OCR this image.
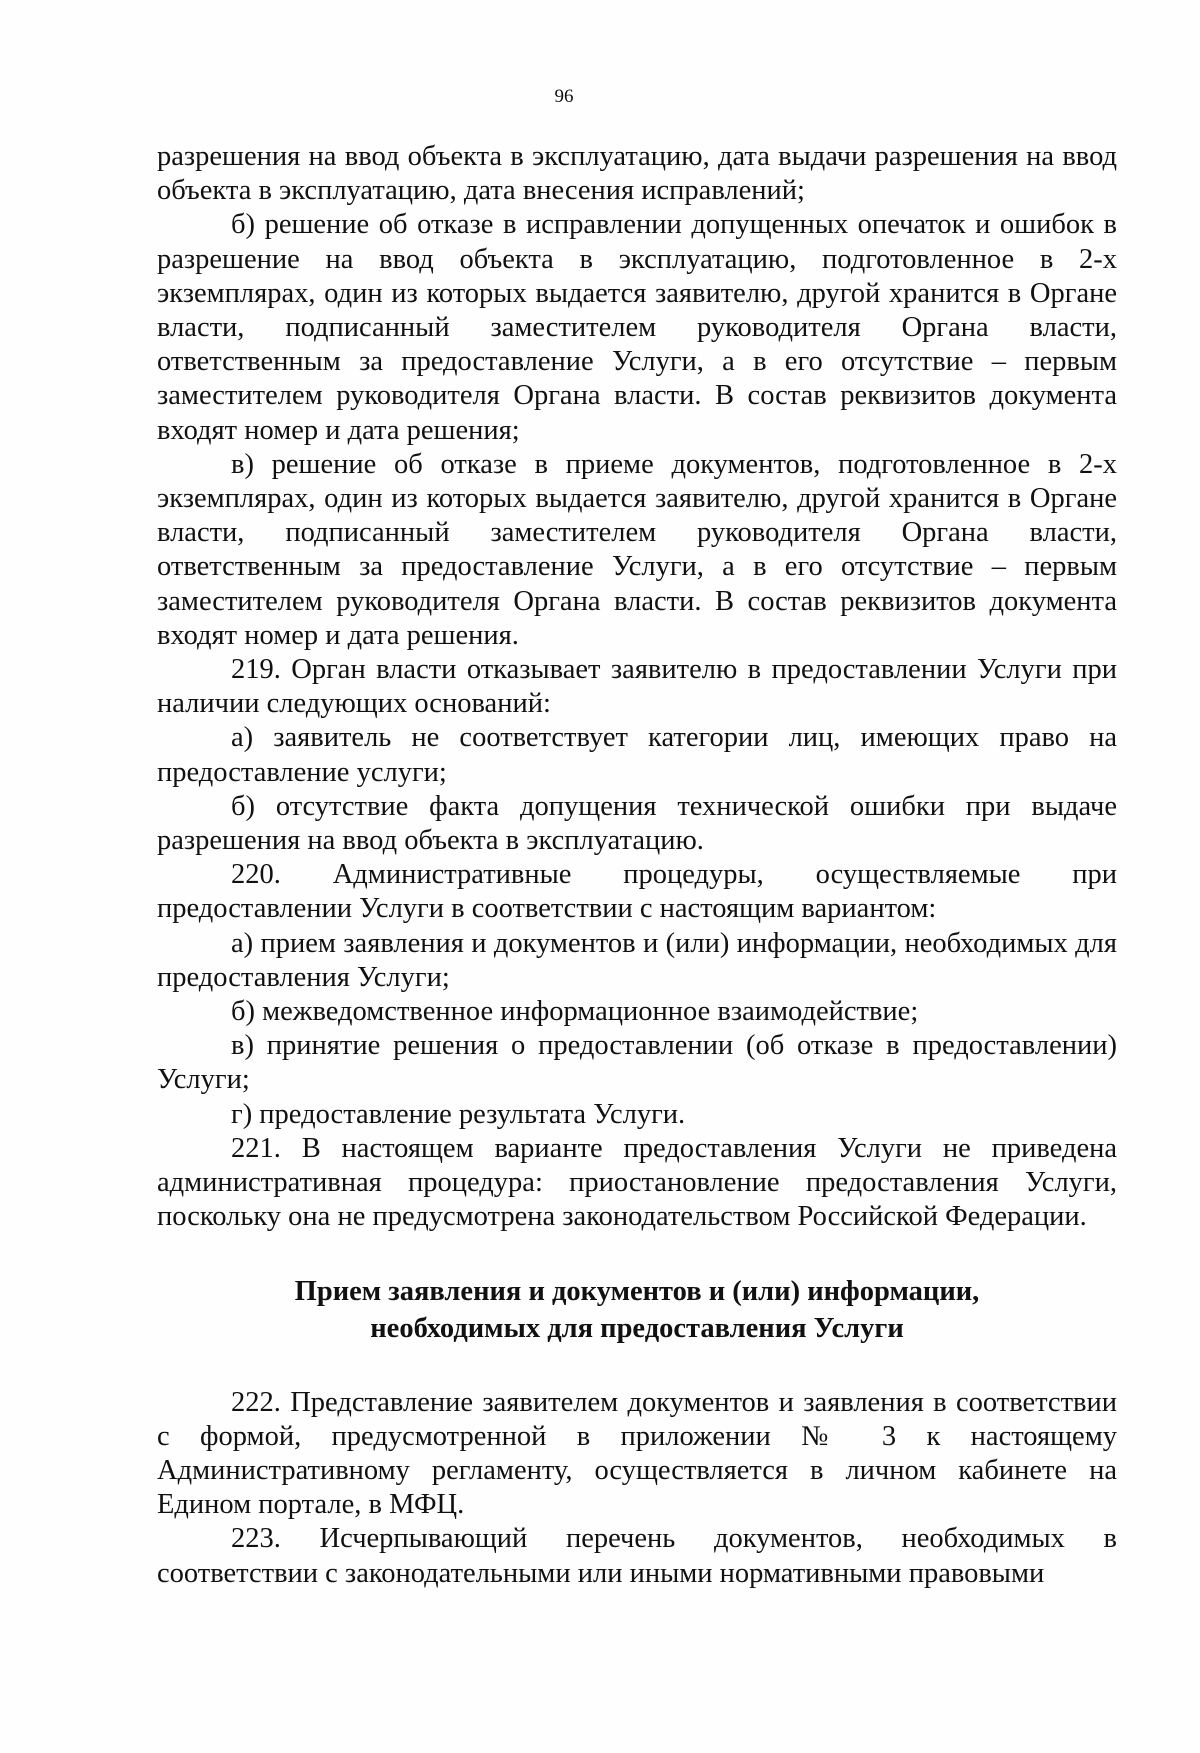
96

разрешения на ввод объекта в эксплуатацию, дата выдачи разрешения на ввод объекта в эксплуатацию, дата внесения исправлений;

б) решение об отказе в исправлении допущенных опечаток и ошибок в разрешение на ввод объекта в эксплуатацию, подготовленное в 2-х экземплярах, один из которых выдается заявителю, другой хранится в Органе власти, подписанный заместителем руководителя Органа власти, ответственным за предоставление Услуги, а в его отсутствие – первым заместителем руководителя Органа власти. В состав реквизитов документа входят номер и дата решения;

в) решение об отказе в приеме документов, подготовленное в 2-х экземплярах, один из которых выдается заявителю, другой хранится в Органе власти, подписанный заместителем руководителя Органа власти, ответственным за предоставление Услуги, а в его отсутствие – первым заместителем руководителя Органа власти. В состав реквизитов документа входят номер и дата решения.

219. Орган власти отказывает заявителю в предоставлении Услуги при наличии следующих оснований:

а) заявитель не соответствует категории лиц, имеющих право на предоставление услуги;

б) отсутствие факта допущения технической ошибки при выдаче разрешения на ввод объекта в эксплуатацию.

220. Административные процедуры, осуществляемые при предоставлении Услуги в соответствии с настоящим вариантом:

а) прием заявления и документов и (или) информации, необходимых для предоставления Услуги;

б) межведомственное информационное взаимодействие;

в) принятие решения о предоставлении (об отказе в предоставлении) Услуги;

г) предоставление результата Услуги.

221. В настоящем варианте предоставления Услуги не приведена административная процедура: приостановление предоставления Услуги, поскольку она не предусмотрена законодательством Российской Федерации.

Прием заявления и документов и (или) информации,
необходимых для предоставления Услуги

222. Представление заявителем документов и заявления в соответствии с формой, предусмотренной в приложении № 3 к настоящему Административному регламенту, осуществляется в личном кабинете на Едином портале, в МФЦ.

223. Исчерпывающий перечень документов, необходимых в соответствии с законодательными или иными нормативными правовыми
